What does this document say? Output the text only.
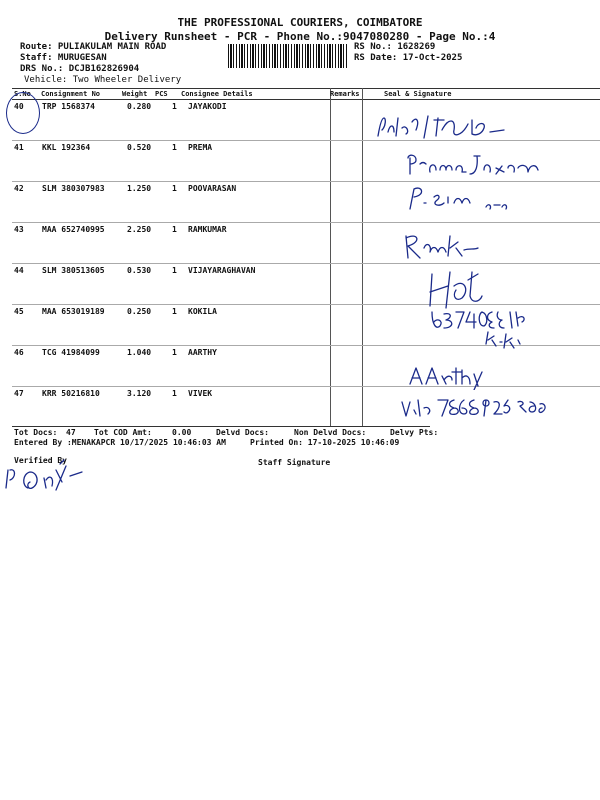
THE PROFESSIONAL COURIERS, COIMBATORE
Delivery Runsheet - PCR - Phone No.:9047080280 - Page No.:4
Route: PULIAKULAM MAIN ROAD
Staff: MURUGESAN
DRS No.: DCJB162826904
Vehicle: Two Wheeler Delivery
RS No.: 1628269
RS Date: 17-Oct-2025
S.No Consignment No	Weight PCS Consignee Details	Remarks	Seal & Signature
40 TRP 1568374	0.280	1 JAYAKODI
41 KKL 192364	0.520	1 PREMA
42 SLM 380307983	1.250	1 POOVARASAN
43 MAA 652740995	2.250	1 RAMKUMAR
44 SLM 380513605	0.530	1 VIJAYARAGHAVAN
45 MAA 653019189	0.250	1 KOKILA
46 TCG 41984099	1.040	1 AARTHY
47 KRR 50216810	3.120	1 VIVEK
Tot Docs: 47 Tot COD Amt:	0.00	Delvd Docs:	Non Delvd Docs:	Delvy Pts:
Entered By :MENAKAPCR 10/17/2025 10:46:03 AM	Printed On: 17-10-2025 10:46:09
Verified By	Staff Signature
